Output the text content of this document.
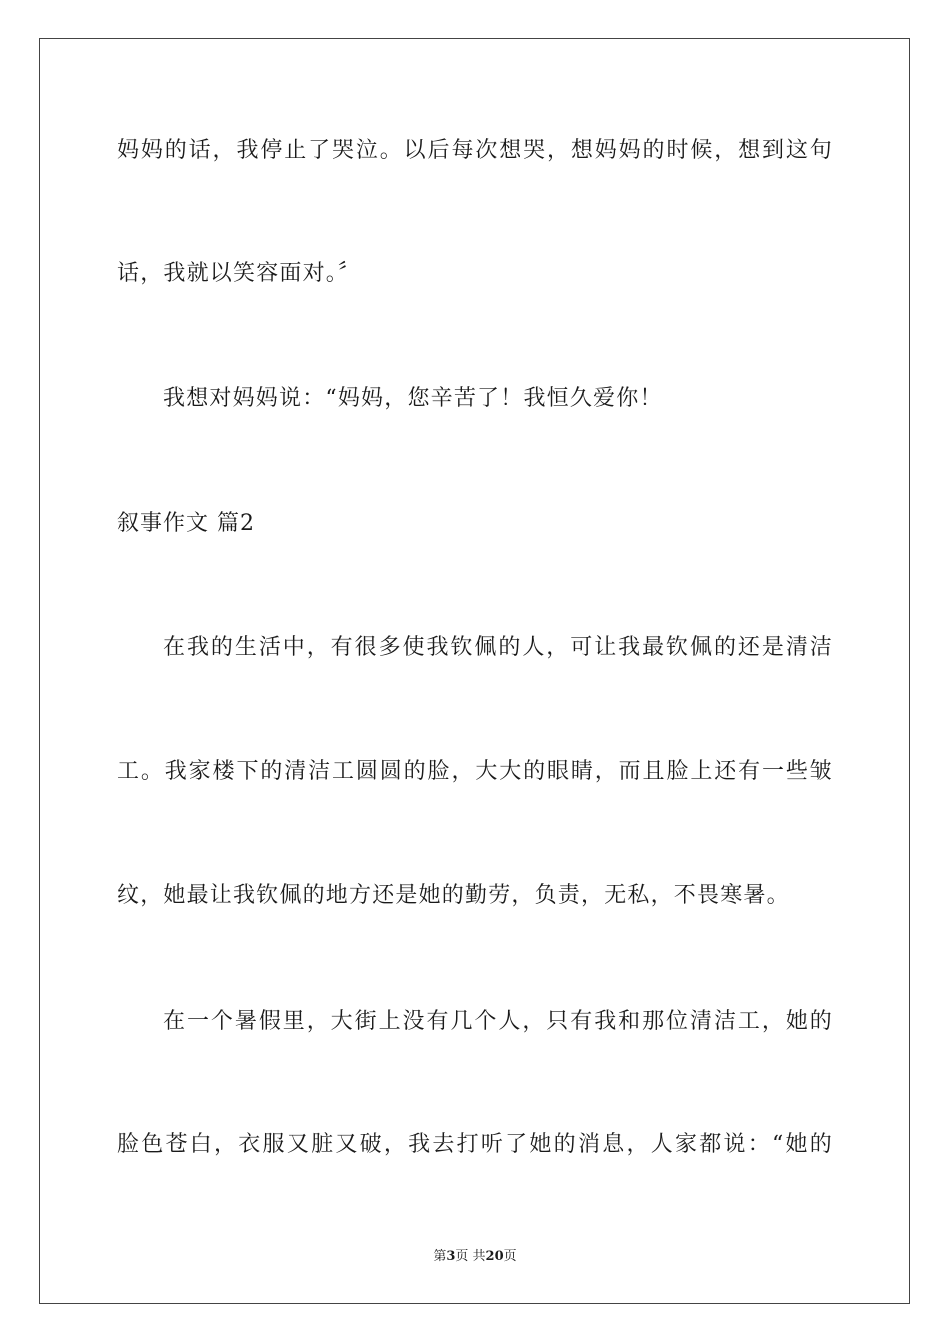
妈妈的话，我停止了哭泣。以后每次想哭，想妈妈的时候，想到这句
话，我就以笑容面对。〞
我想对妈妈说：“妈妈，您辛苦了！我恒久爱你！
叙事作文 篇2
在我的生活中，有很多使我钦佩的人，可让我最钦佩的还是清洁
工。我家楼下的清洁工圆圆的脸，大大的眼睛，而且脸上还有一些皱
纹，她最让我钦佩的地方还是她的勤劳，负责，无私，不畏寒暑。
在一个暑假里，大街上没有几个人，只有我和那位清洁工，她的
脸色苍白，衣服又脏又破，我去打听了她的消息，人家都说：“她的
第3页 共20页
